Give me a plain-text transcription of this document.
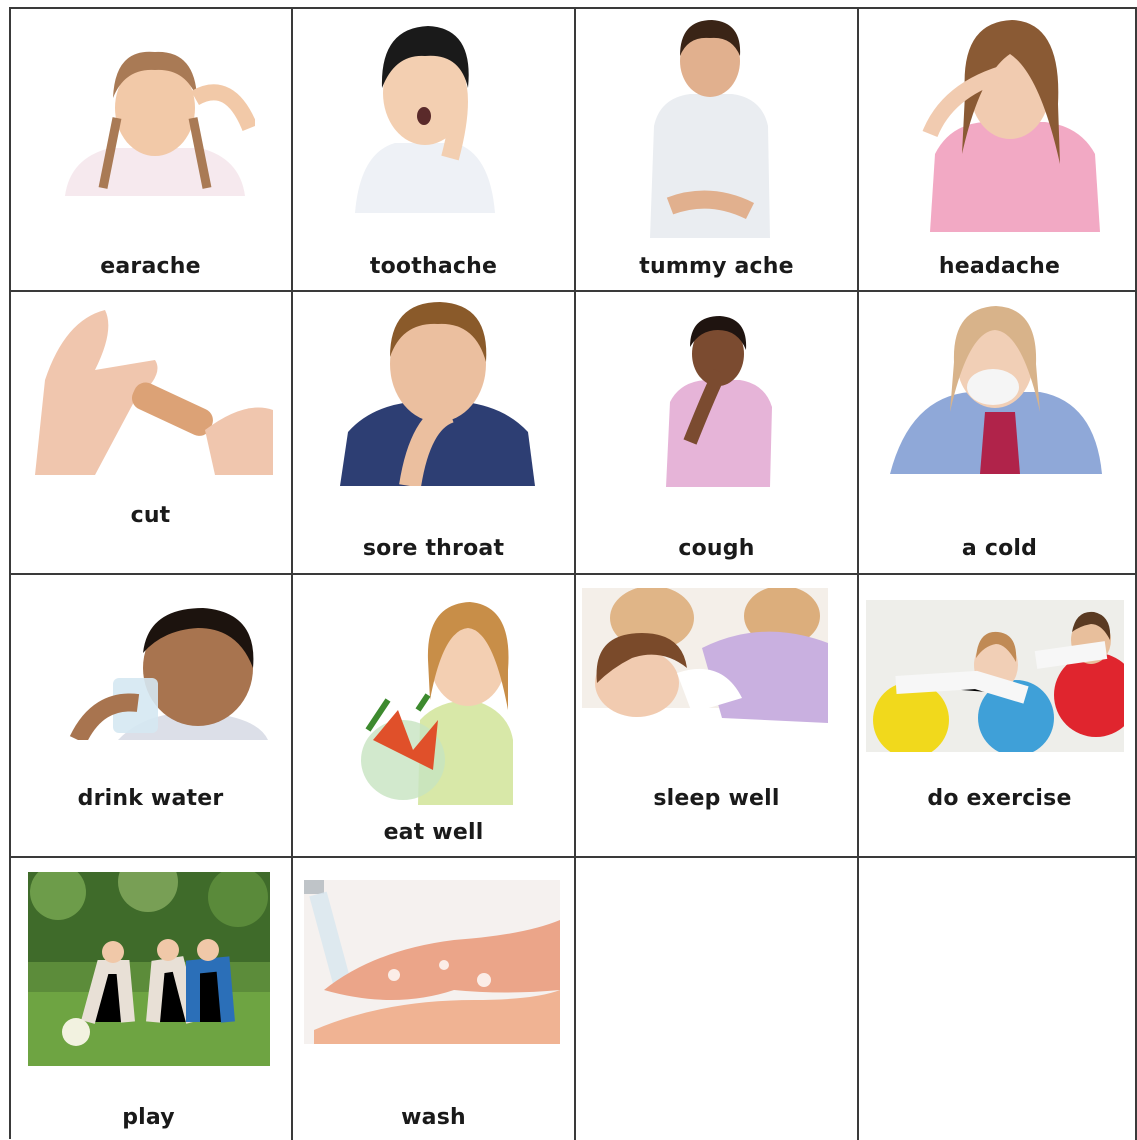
earache	toothache	tummy ache	headache
cut
sore throat	cough	a cold
drink water
eat well
sleep well	do exercise
play	wash
